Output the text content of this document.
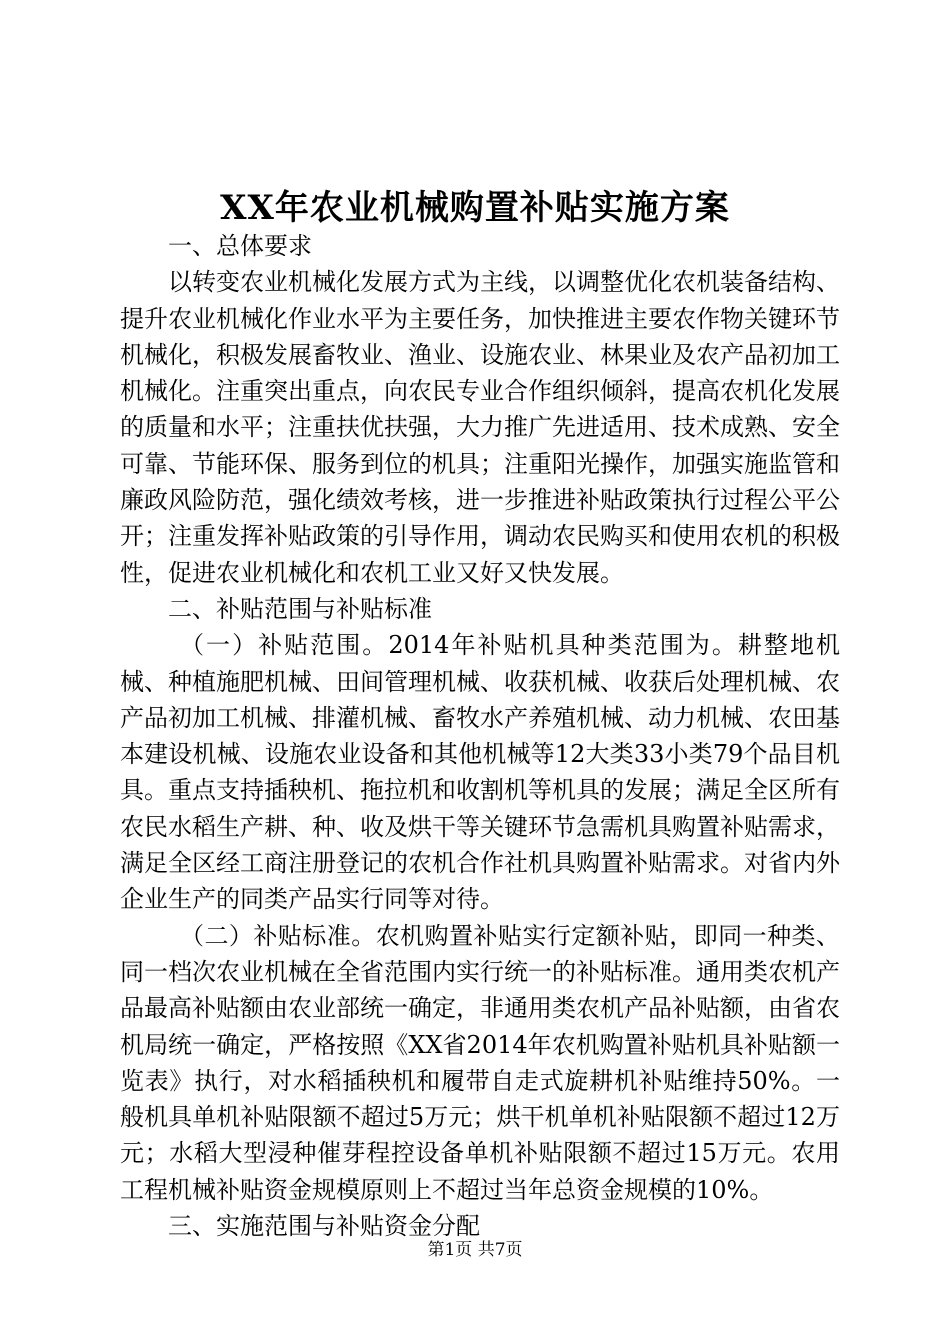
XX年农业机械购置补贴实施方案

一、总体要求

以转变农业机械化发展方式为主线，以调整优化农机装备结构、提升农业机械化作业水平为主要任务，加快推进主要农作物关键环节机械化，积极发展畜牧业、渔业、设施农业、林果业及农产品初加工机械化。注重突出重点，向农民专业合作组织倾斜，提高农机化发展的质量和水平；注重扶优扶强，大力推广先进适用、技术成熟、安全可靠、节能环保、服务到位的机具；注重阳光操作，加强实施监管和廉政风险防范，强化绩效考核，进一步推进补贴政策执行过程公平公开；注重发挥补贴政策的引导作用，调动农民购买和使用农机的积极性，促进农业机械化和农机工业又好又快发展。

二、补贴范围与补贴标准

（一）补贴范围。2014年补贴机具种类范围为。耕整地机械、种植施肥机械、田间管理机械、收获机械、收获后处理机械、农产品初加工机械、排灌机械、畜牧水产养殖机械、动力机械、农田基本建设机械、设施农业设备和其他机械等12大类33小类79个品目机具。重点支持插秧机、拖拉机和收割机等机具的发展；满足全区所有农民水稻生产耕、种、收及烘干等关键环节急需机具购置补贴需求，满足全区经工商注册登记的农机合作社机具购置补贴需求。对省内外企业生产的同类产品实行同等对待。

（二）补贴标准。农机购置补贴实行定额补贴，即同一种类、同一档次农业机械在全省范围内实行统一的补贴标准。通用类农机产品最高补贴额由农业部统一确定，非通用类农机产品补贴额，由省农机局统一确定，严格按照《XX省2014年农机购置补贴机具补贴额一览表》执行，对水稻插秧机和履带自走式旋耕机补贴维持50%。一般机具单机补贴限额不超过5万元；烘干机单机补贴限额不超过12万元；水稻大型浸种催芽程控设备单机补贴限额不超过15万元。农用工程机械补贴资金规模原则上不超过当年总资金规模的10%。

三、实施范围与补贴资金分配

第1页 共7页
